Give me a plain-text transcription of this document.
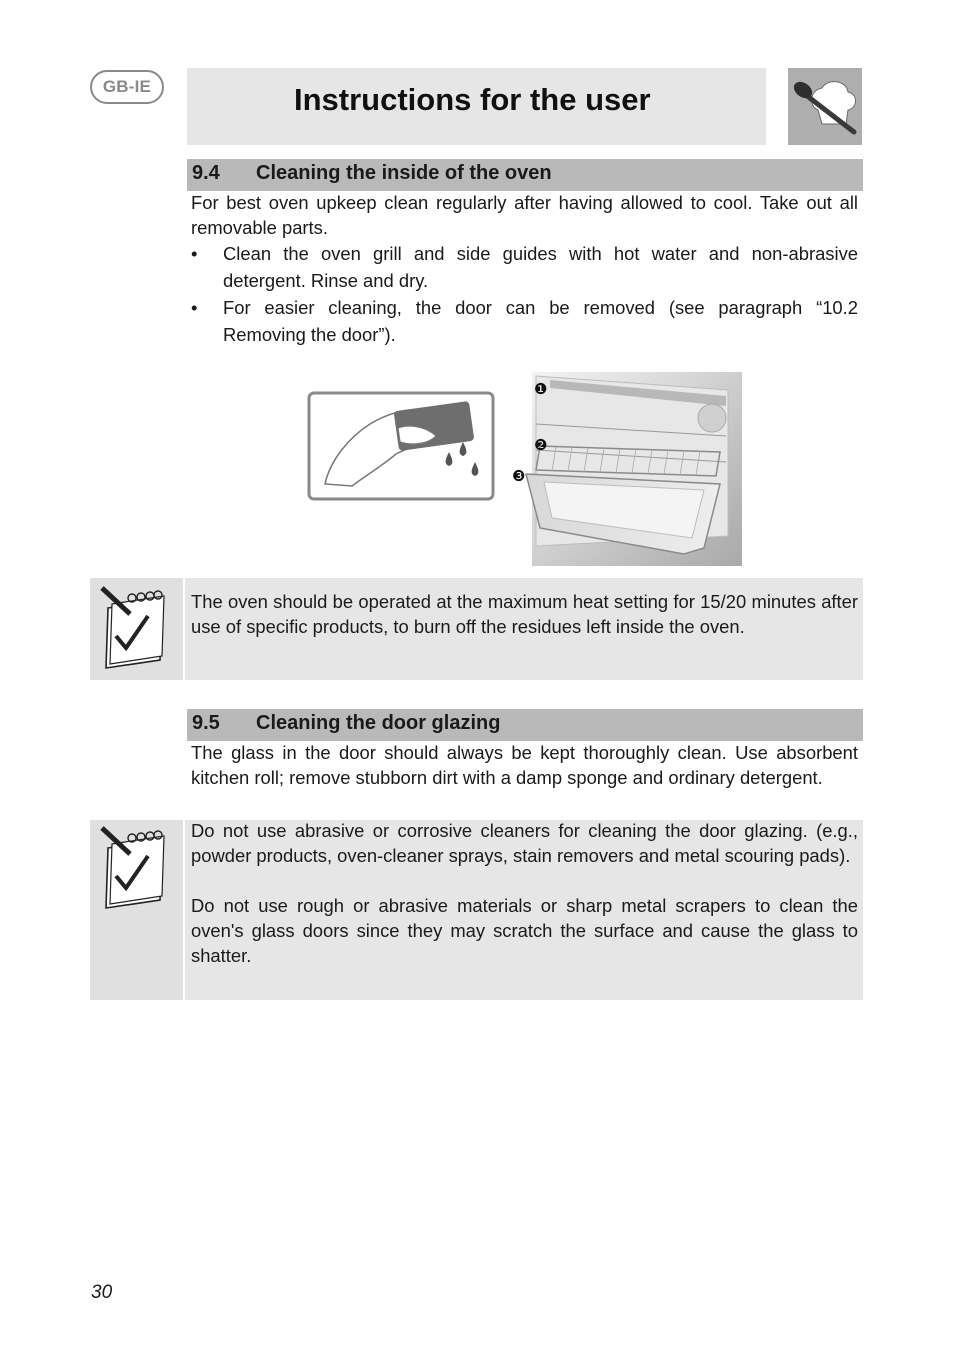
GB-IE	Instructions for the user
9.4 Cleaning the inside of the oven
For best oven upkeep clean regularly after having allowed to cool. Take out all removable parts.
•	Clean the oven grill and side guides with hot water and non-abrasive detergent. Rinse and dry.
•	For easier cleaning, the door can be removed (see paragraph “10.2 Removing the door”).
❶
❷
❸
The oven should be operated at the maximum heat setting for 15/20 minutes after use of specific products, to burn off the residues left inside the oven.
9.5 Cleaning the door glazing
The glass in the door should always be kept thoroughly clean. Use absorbent kitchen roll; remove stubborn dirt with a damp sponge and ordinary detergent.
Do not use abrasive or corrosive cleaners for cleaning the door glazing. (e.g., powder products, oven-cleaner sprays, stain removers and metal scouring pads).
Do not use rough or abrasive materials or sharp metal scrapers to clean the oven's glass doors since they may scratch the surface and cause the glass to shatter.
30
